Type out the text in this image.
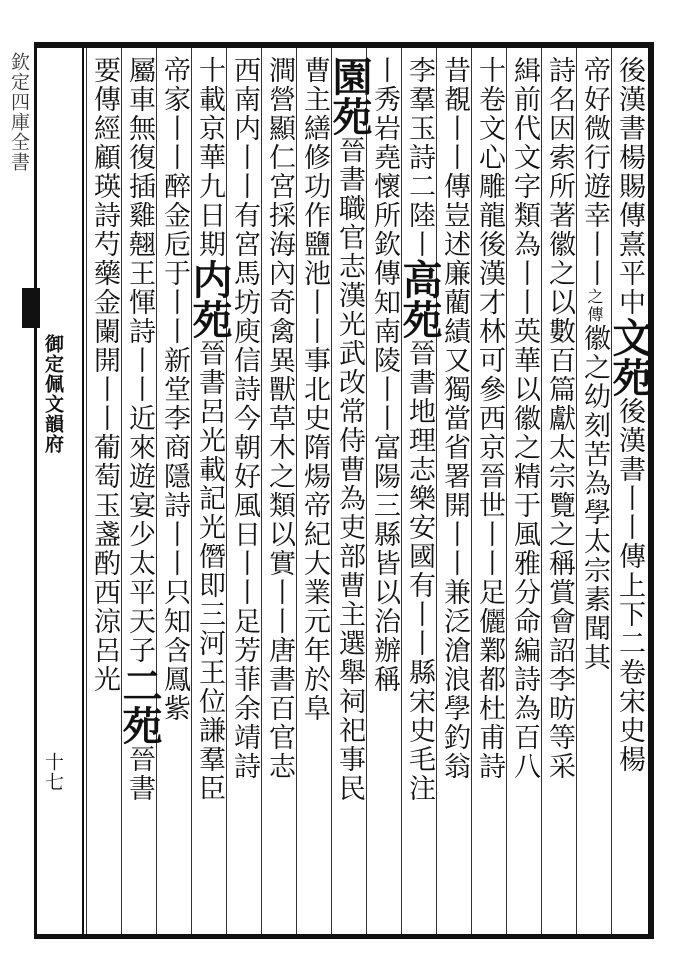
欽定四庫全書
御定佩文韻府
十七
後漢書楊賜傳熹平中文苑後漢書丨丨傳上下二卷宋史楊
帝好微行遊幸丨丨之傳徽之幼刻苦為學太宗素聞其
詩名因索所著徽之以數百篇獻太宗覽之稱賞會詔李昉等采
緝前代文字類為丨丨英華以徽之精于風雅分命編詩為百八
十卷文心雕龍後漢才林可參西京晉世丨丨足儷鄴都杜甫詩
昔覩丨丨傳豈述廉藺績又獨當省署開丨丨兼泛滄浪學釣翁
李羣玉詩二陸丨高苑晉書地理志樂安國有丨丨縣宋史毛注
丨秀岩堯懷所欽傳知南陵丨丨富陽三縣皆以治辦稱
園苑晉書職官志漢光武改常侍曹為吏部曹主選舉祠祀事民
曹主繕修功作鹽池丨丨事北史隋煬帝紀大業元年於阜
澗營顯仁宮採海內奇禽異獸草木之類以實丨丨唐書百官志
西南内丨丨有宮馬坊庾信詩今朝好風日丨丨足芳菲余靖詩
十載京華九日期内苑晉書呂光載記光僭即三河王位謙羣臣
帝家丨丨醉金卮于丨丨新堂李商隱詩丨丨只知含鳳紫
屬車無復插雞翹王惲詩丨丨近來遊宴少太平天子二苑晉書
要傳經顧瑛詩芍藥金闌開丨丨葡萄玉盞酌西涼呂光
